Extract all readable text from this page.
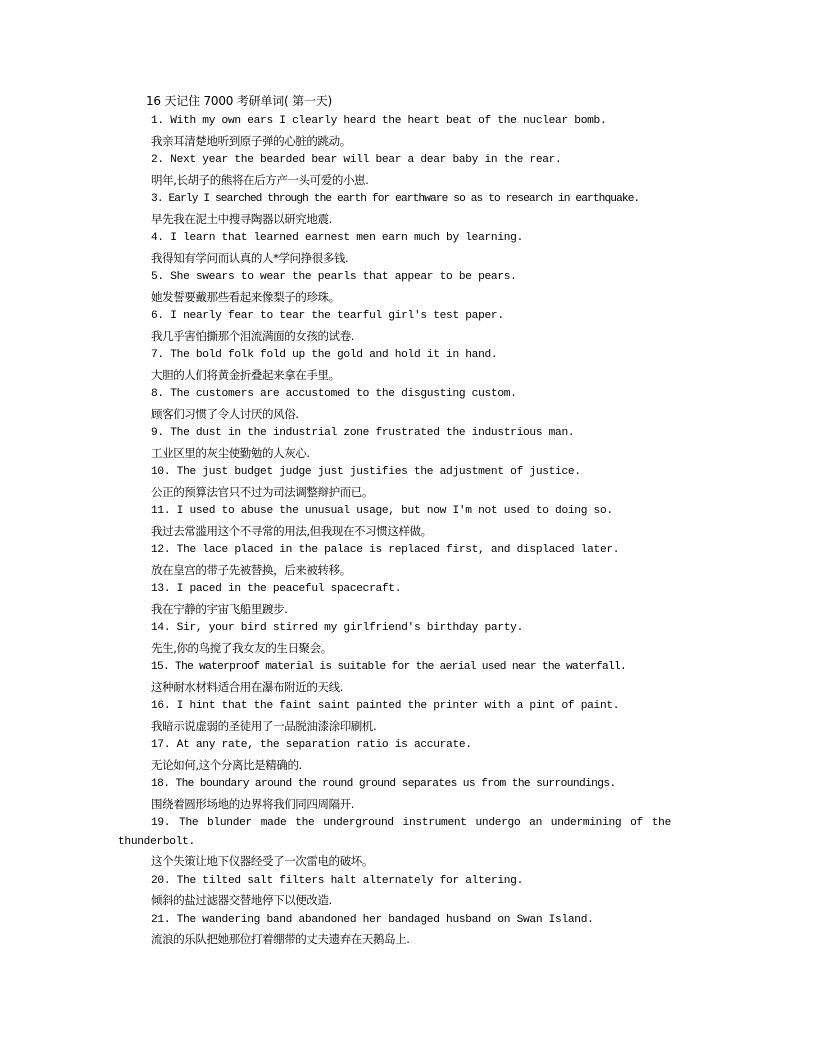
16 天记住 7000 考研单词( 第一天)
1. With my own ears I clearly heard the heart beat of the nuclear bomb.
我亲耳清楚地听到原子弹的心脏的跳动。
2. Next year the bearded bear will bear a dear baby in the rear.
明年,长胡子的熊将在后方产一头可爱的小崽.
3. Early I searched through the earth for earthware so as to research in earthquake.
早先我在泥土中搜寻陶器以研究地震.
4. I learn that learned earnest men earn much by learning.
我得知有学问而认真的人*学问挣很多钱.
5. She swears to wear the pearls that appear to be pears.
她发誓要戴那些看起来像梨子的珍珠。
6. I nearly fear to tear the tearful girl's test paper.
我几乎害怕撕那个泪流满面的女孩的试卷.
7. The bold folk fold up the gold and hold it in hand.
大胆的人们将黄金折叠起来拿在手里。
8. The customers are accustomed to the disgusting custom.
顾客们习惯了令人讨厌的风俗.
9. The dust in the industrial zone frustrated the industrious man.
工业区里的灰尘使勤勉的人灰心.
10. The just budget judge just justifies the adjustment of justice.
公正的预算法官只不过为司法调整辩护而已。
11. I used to abuse the unusual usage, but now I'm not used to doing so.
我过去常滥用这个不寻常的用法,但我现在不习惯这样做。
12. The lace placed in the palace is replaced first, and displaced later.
放在皇宫的带子先被替换，后来被转移。
13. I paced in the peaceful spacecraft.
我在宁静的宇宙飞船里踱步.
14. Sir, your bird stirred my girlfriend's birthday party.
先生,你的鸟搅了我女友的生日聚会。
15. The waterproof material is suitable for the aerial used near the waterfall.
这种耐水材料适合用在瀑布附近的天线.
16. I hint that the faint saint painted the printer with a pint of paint.
我暗示说虚弱的圣徒用了一品脱油漆涂印刷机.
17. At any rate, the separation ratio is accurate.
无论如何,这个分离比是精确的.
18. The boundary around the round ground separates us from the surroundings.
围绕着圆形场地的边界将我们同四周隔开.
19. The blunder made the underground instrument undergo an undermining of the thunderbolt.
这个失策让地下仪器经受了一次雷电的破坏。
20. The tilted salt filters halt alternately for altering.
倾斜的盐过滤器交替地停下以便改造.
21. The wandering band abandoned her bandaged husband on Swan Island.
流浪的乐队把她那位打着绷带的丈夫遗弃在天鹅岛上.
